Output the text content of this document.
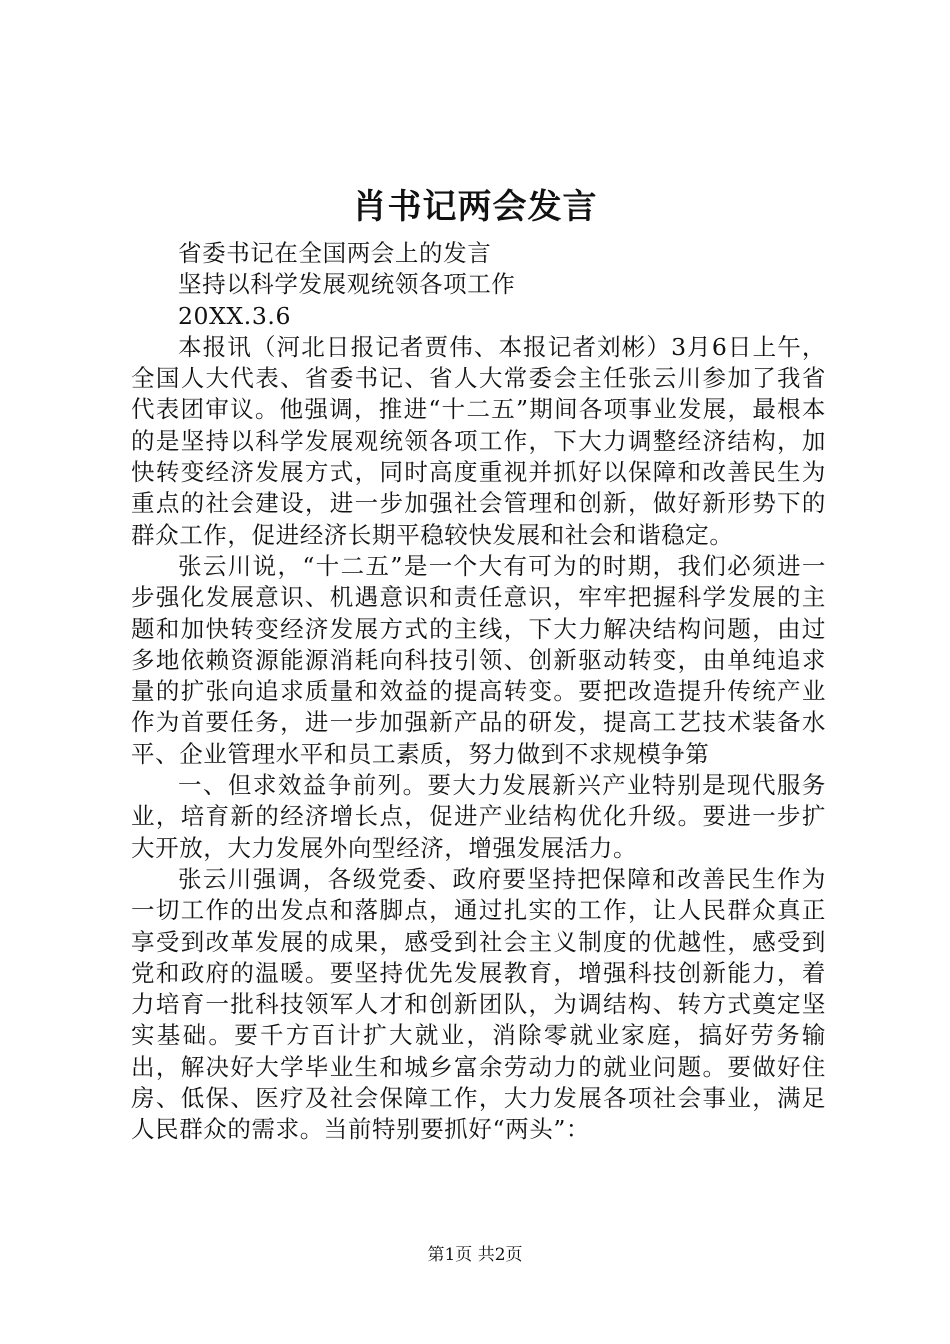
肖书记两会发言

省委书记在全国两会上的发言

坚持以科学发展观统领各项工作

20XX.3.6

本报讯（河北日报记者贾伟、本报记者刘彬）3月6日上午，全国人大代表、省委书记、省人大常委会主任张云川参加了我省代表团审议。他强调，推进“十二五”期间各项事业发展，最根本的是坚持以科学发展观统领各项工作，下大力调整经济结构，加快转变经济发展方式，同时高度重视并抓好以保障和改善民生为重点的社会建设，进一步加强社会管理和创新，做好新形势下的群众工作，促进经济长期平稳较快发展和社会和谐稳定。

张云川说，“十二五”是一个大有可为的时期，我们必须进一步强化发展意识、机遇意识和责任意识，牢牢把握科学发展的主题和加快转变经济发展方式的主线，下大力解决结构问题，由过多地依赖资源能源消耗向科技引领、创新驱动转变，由单纯追求量的扩张向追求质量和效益的提高转变。要把改造提升传统产业作为首要任务，进一步加强新产品的研发，提高工艺技术装备水平、企业管理水平和员工素质，努力做到不求规模争第

一、但求效益争前列。要大力发展新兴产业特别是现代服务业，培育新的经济增长点，促进产业结构优化升级。要进一步扩大开放，大力发展外向型经济，增强发展活力。

张云川强调，各级党委、政府要坚持把保障和改善民生作为一切工作的出发点和落脚点，通过扎实的工作，让人民群众真正享受到改革发展的成果，感受到社会主义制度的优越性，感受到党和政府的温暖。要坚持优先发展教育，增强科技创新能力，着力培育一批科技领军人才和创新团队，为调结构、转方式奠定坚实基础。要千方百计扩大就业，消除零就业家庭，搞好劳务输出，解决好大学毕业生和城乡富余劳动力的就业问题。要做好住房、低保、医疗及社会保障工作，大力发展各项社会事业，满足人民群众的需求。当前特别要抓好“两头”：

第1页 共2页
